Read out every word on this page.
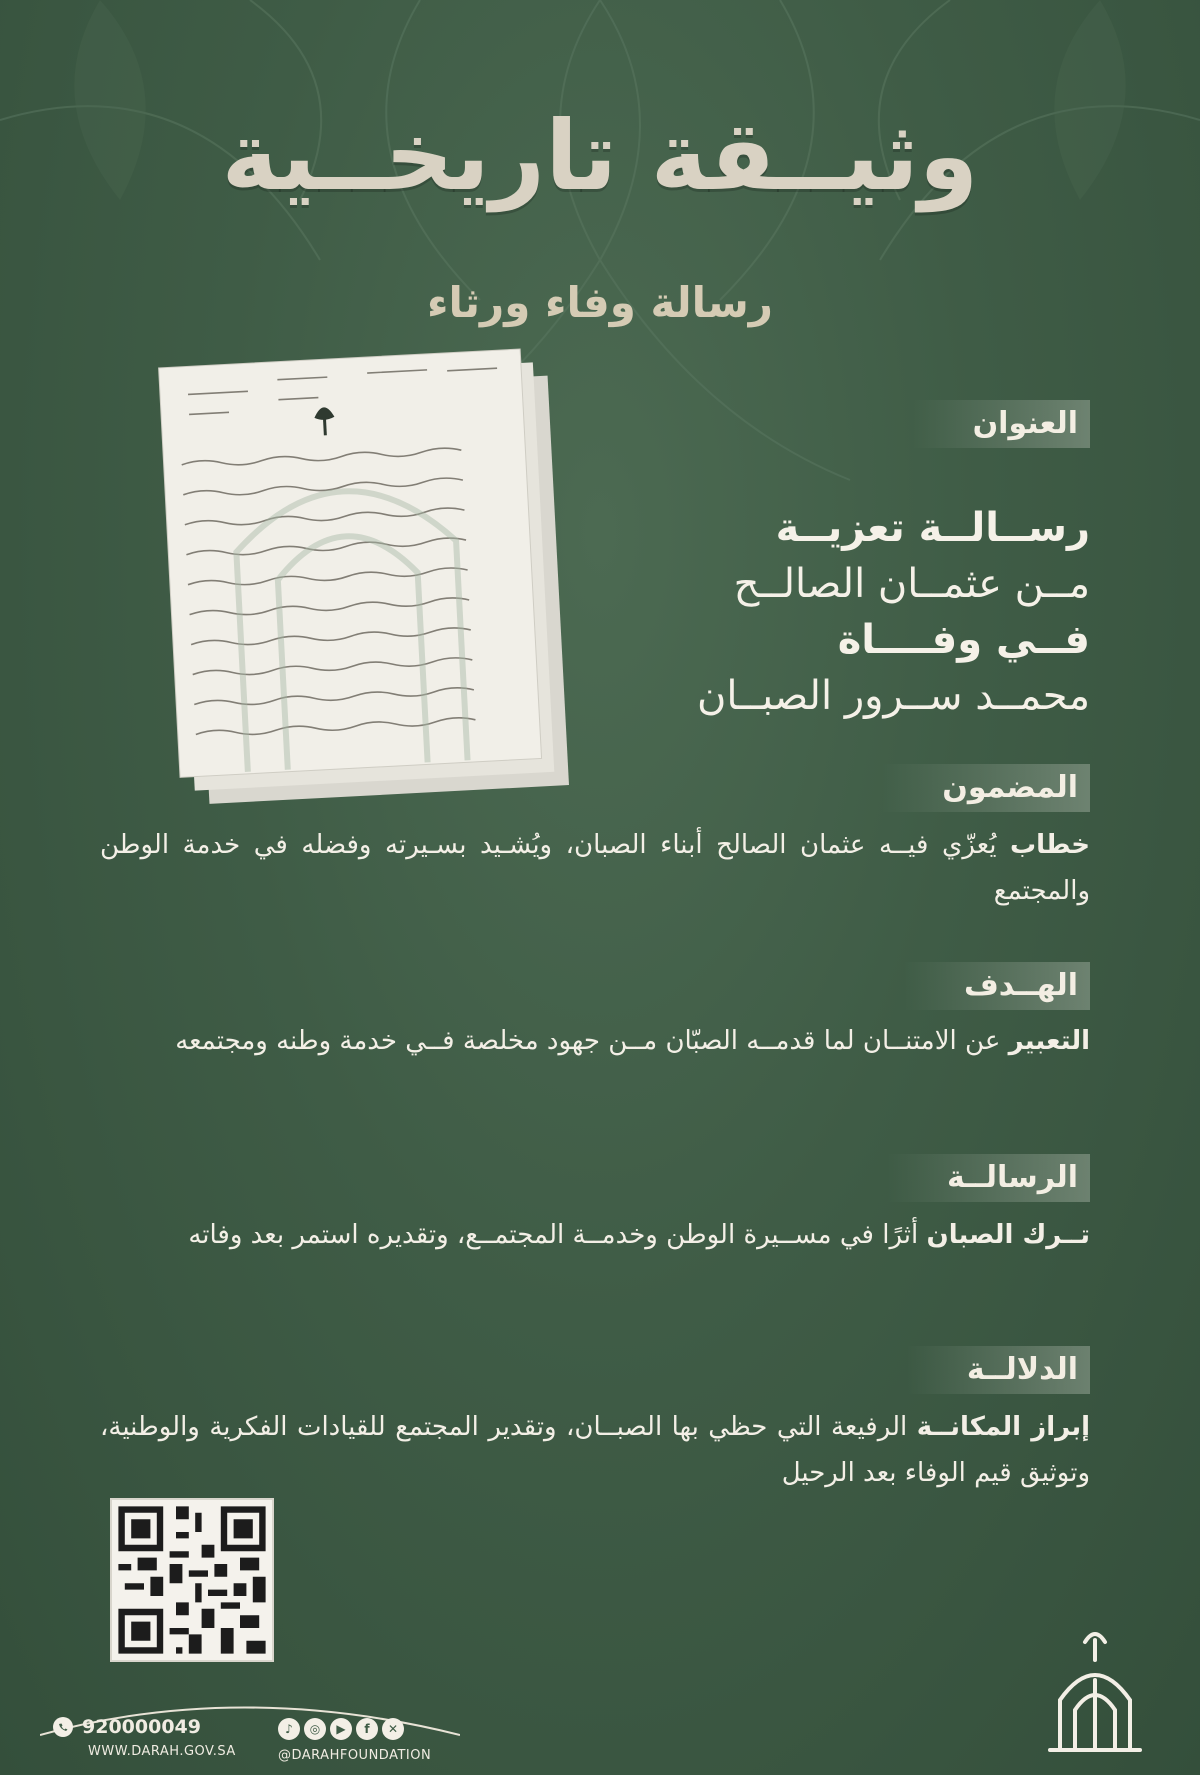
وثيــقة تاريخــية
رسالة وفاء ورثاء
العنوان
رســالــة تعزيــة
مــن عثمــان الصالــح
فــي وفــــاة
محمــد ســرور الصبــان
المضمون
خطاب يُعزّي فيــه عثمان الصالح أبناء الصبان، ويُشـيد بسـيرته وفضله في خدمة الوطن والمجتمع
الهــدف
التعبير عن الامتنــان لما قدمــه الصبّان مــن جهود مخلصة فــي خدمة وطنه ومجتمعه
الرسالــة
تــرك الصبان أثرًا في مســيرة الوطن وخدمــة المجتمــع، وتقديره استمر بعد وفاته
الدلالــة
إبراز المكانــة الرفيعة التي حظي بها الصبــان، وتقدير المجتمع للقيادات الفكرية والوطنية، وتوثيق قيم الوفاء بعد الرحيل
920000049
WWW.DARAH.GOV.SA
♪	◎	▶	f	✕
@DARAHFOUNDATION
